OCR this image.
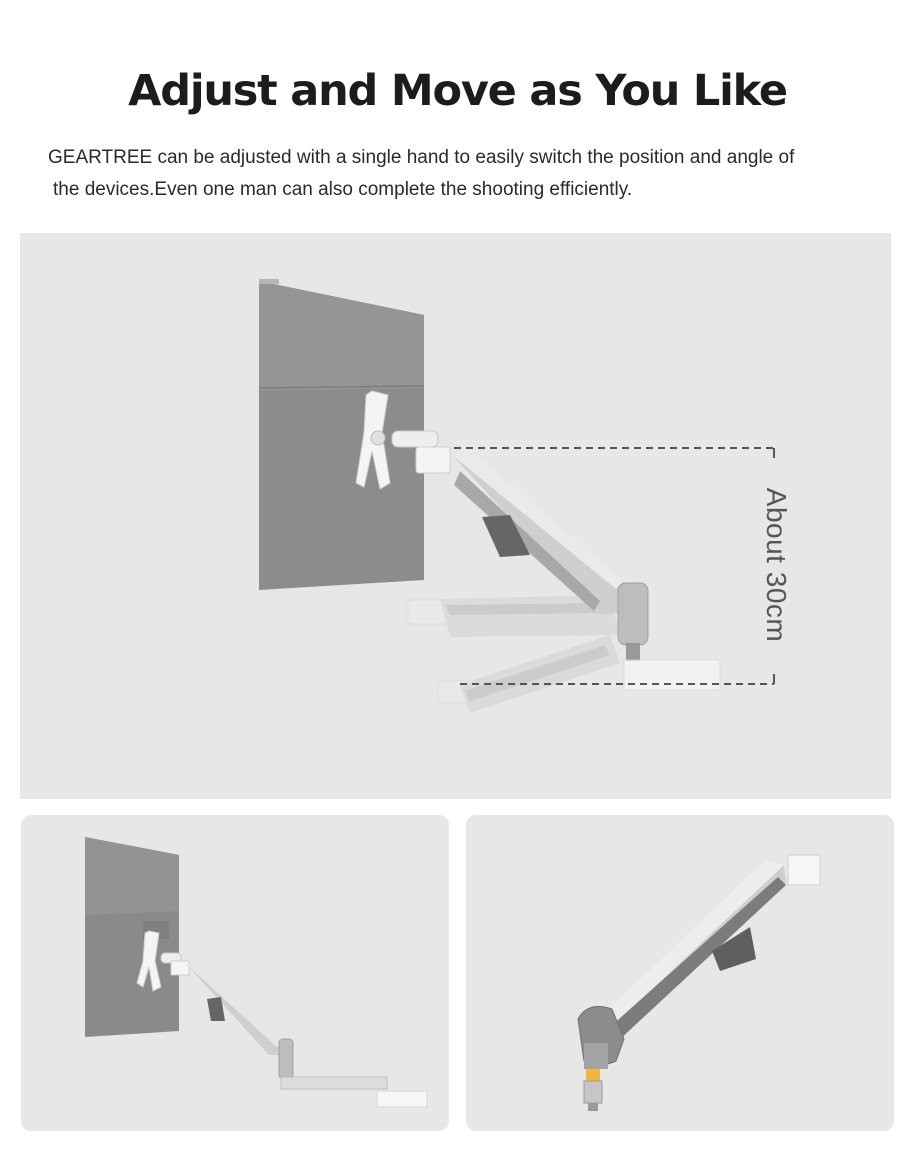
Adjust and Move as You Like
GEARTREE can be adjusted with a single hand to easily switch the position and angle of
the devices.Even one man can also complete the shooting efficiently.
About 30cm
